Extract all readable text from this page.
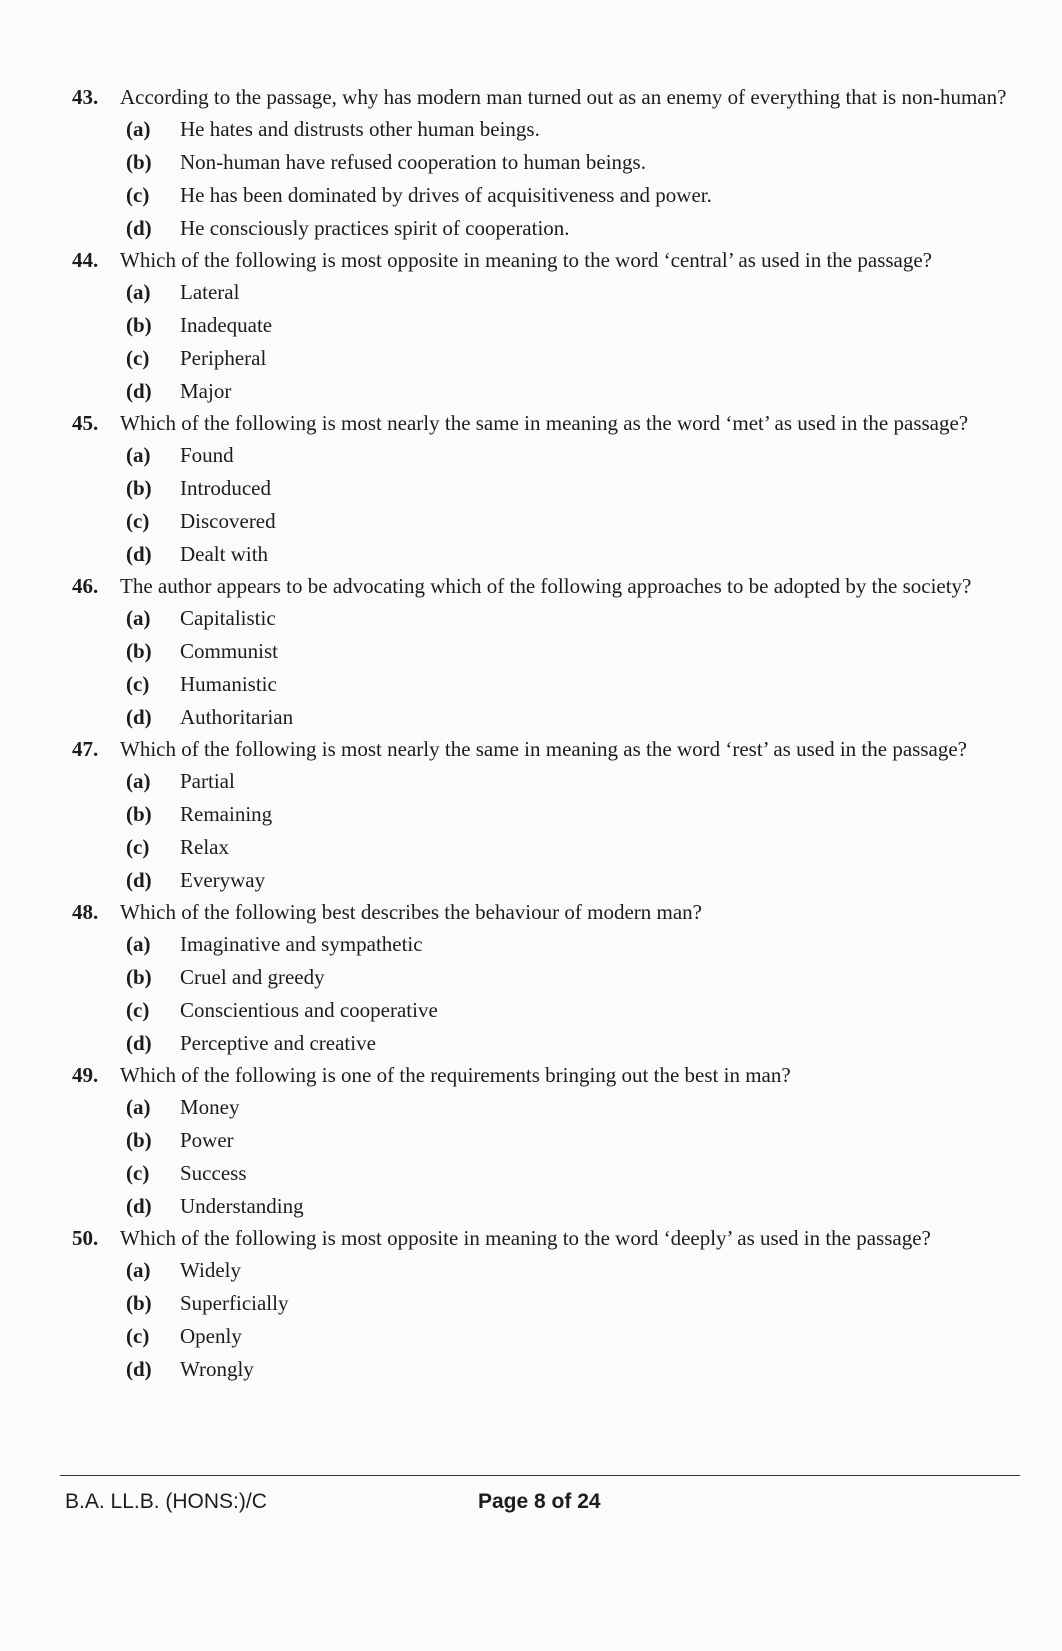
43.	According to the passage, why has modern man turned out as an enemy of everything that is non-human?
(a)	He hates and distrusts other human beings.
(b)	Non-human have refused cooperation to human beings.
(c)	He has been dominated by drives of acquisitiveness and power.
(d)	He consciously practices spirit of cooperation.
44.	Which of the following is most opposite in meaning to the word ‘central’ as used in the passage?
(a)	Lateral
(b)	Inadequate
(c)	Peripheral
(d)	Major
45.	Which of the following is most nearly the same in meaning as the word ‘met’ as used in the passage?
(a)	Found
(b)	Introduced
(c)	Discovered
(d)	Dealt with
46.	The author appears to be advocating which of the following approaches to be adopted by the society?
(a)	Capitalistic
(b)	Communist
(c)	Humanistic
(d)	Authoritarian
47.	Which of the following is most nearly the same in meaning as the word ‘rest’ as used in the passage?
(a)	Partial
(b)	Remaining
(c)	Relax
(d)	Everyway
48.	Which of the following best describes the behaviour of modern man?
(a)	Imaginative and sympathetic
(b)	Cruel and greedy
(c)	Conscientious and cooperative
(d)	Perceptive and creative
49.	Which of the following is one of the requirements bringing out the best in man?
(a)	Money
(b)	Power
(c)	Success
(d)	Understanding
50.	Which of the following is most opposite in meaning to the word ‘deeply’ as used in the passage?
(a)	Widely
(b)	Superficially
(c)	Openly
(d)	Wrongly
B.A. LL.B. (HONS:)/C	Page 8 of 24
